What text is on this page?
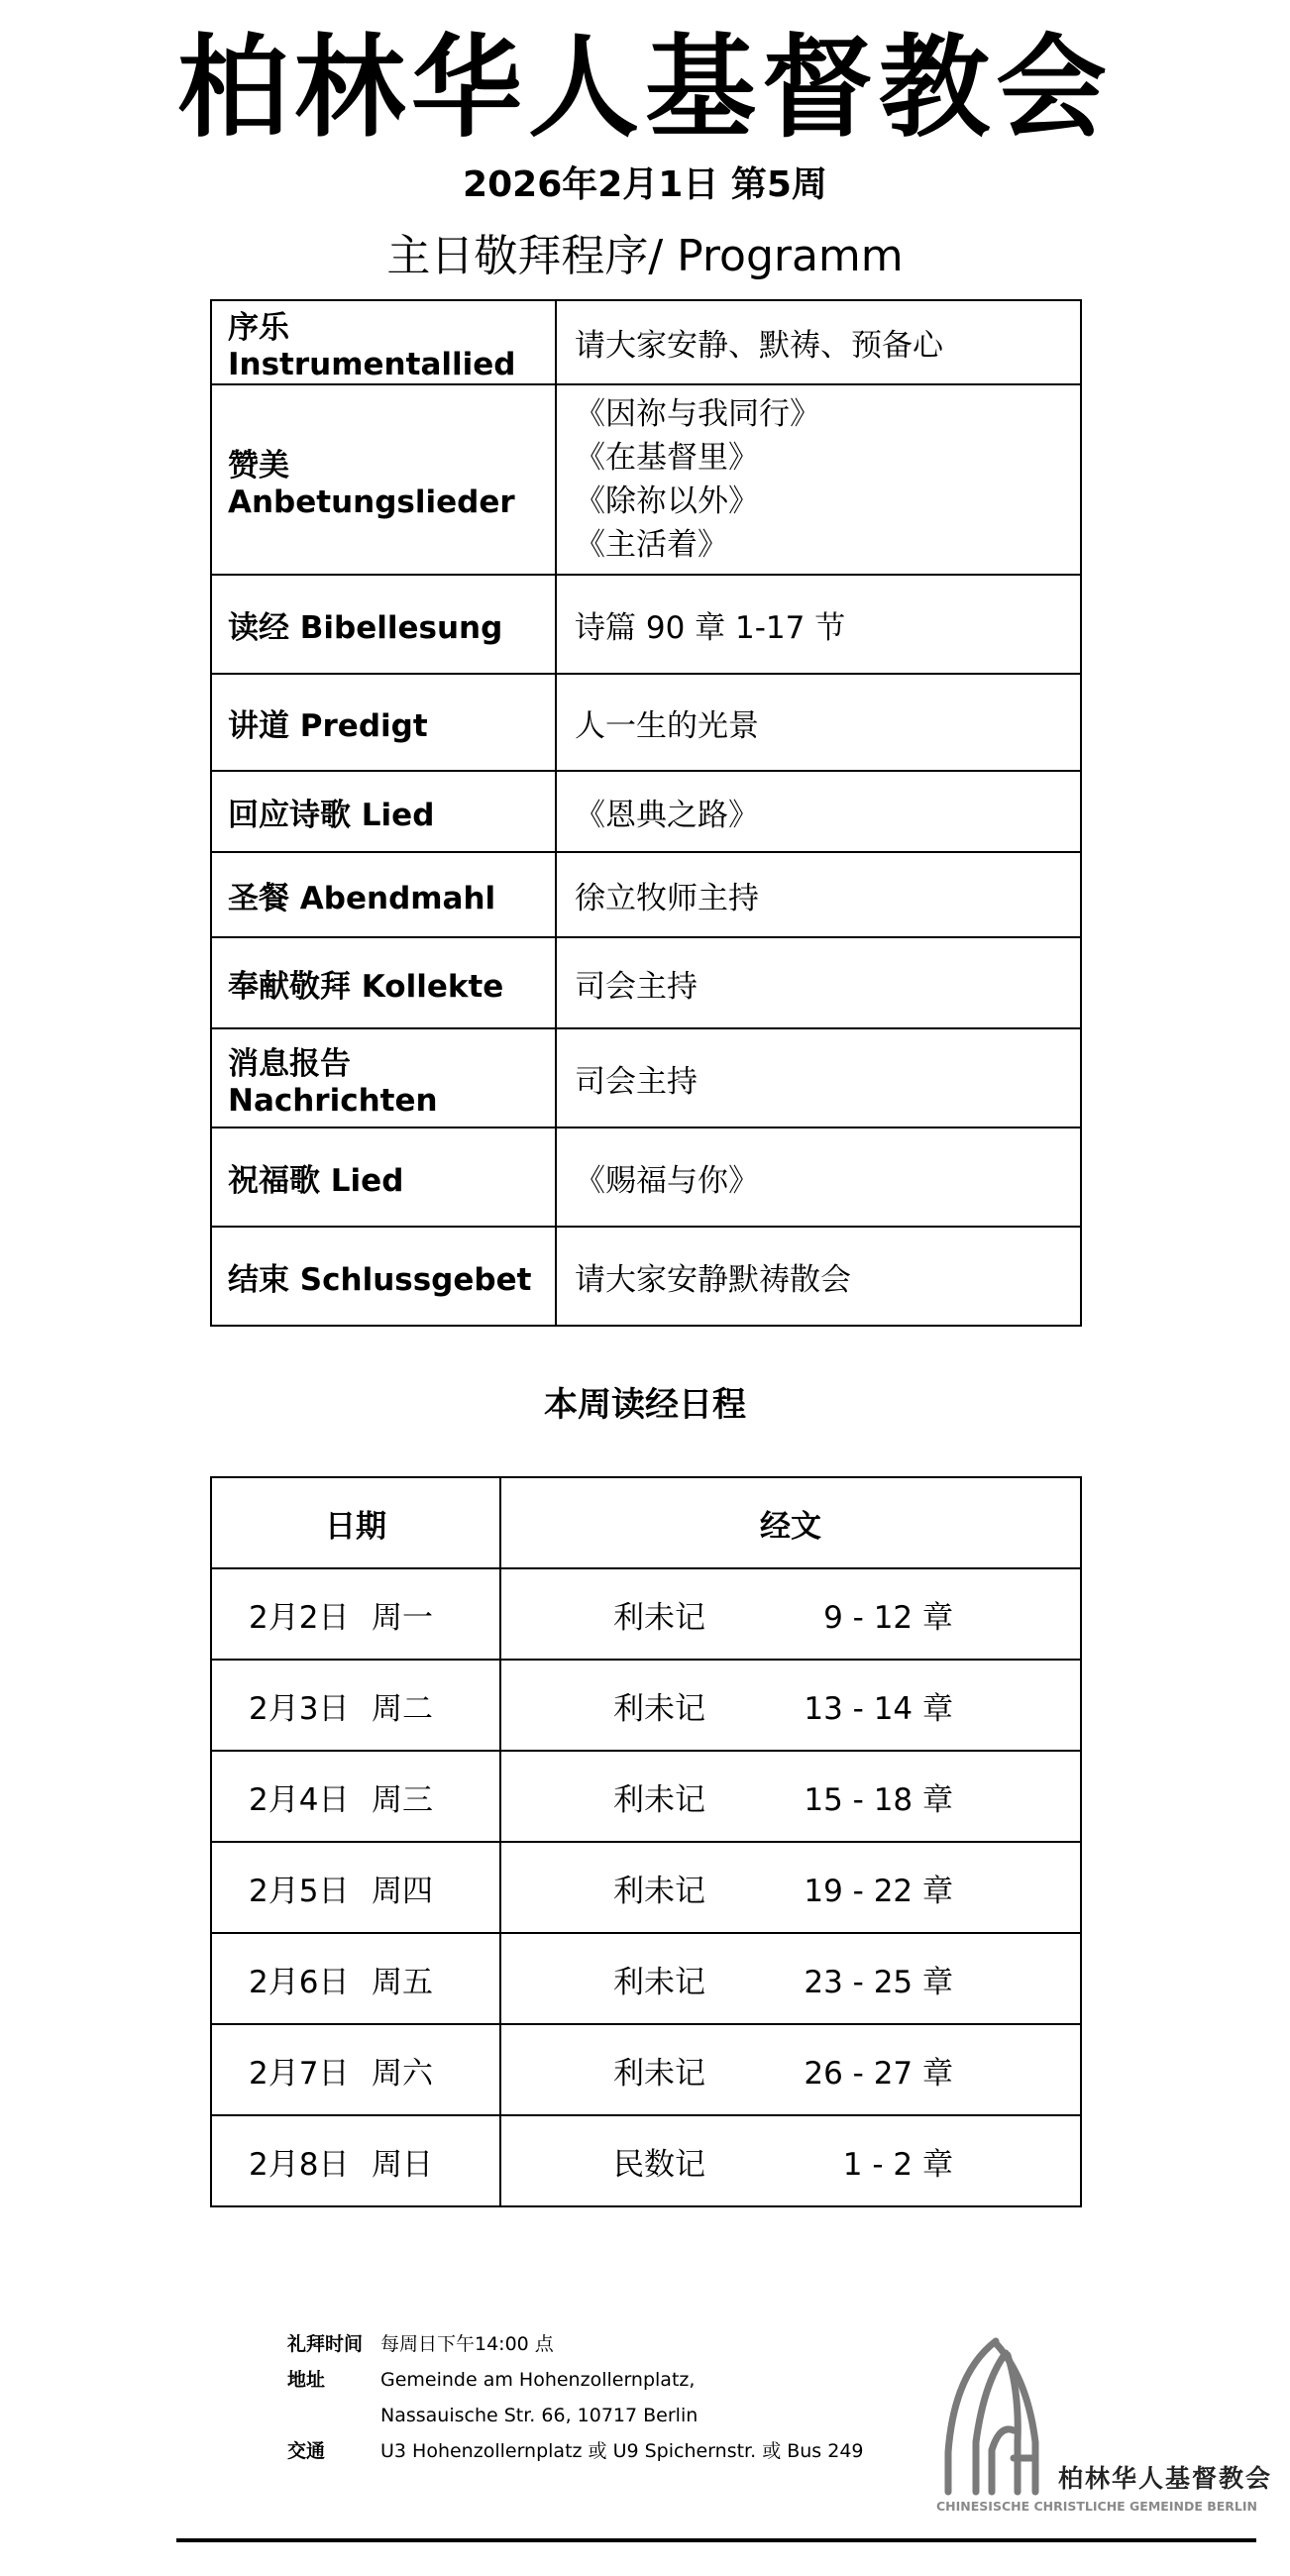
柏林华人基督教会
2026年2月1日 第5周
主日敬拜程序/ Programm
序乐 Instrumentallied	请大家安静、默祷、预备心
赞美 Anbetungslieder	《因祢与我同行》
《在基督里》
《除祢以外》
《主活着》

读经 Bibellesung	诗篇 90 章 1-17 节
讲道 Predigt	人一生的光景
回应诗歌 Lied	《恩典之路》
圣餐 Abendmahl	徐立牧师主持
奉献敬拜 Kollekte	司会主持
消息报告 Nachrichten	司会主持
祝福歌 Lied	《赐福与你》
结束 Schlussgebet	请大家安静默祷散会
本周读经日程
日期	经文
2月2日 周一	利未记 9 - 12 章
2月3日 周二	利未记 13 - 14 章
2月4日 周三	利未记 15 - 18 章
2月5日 周四	利未记 19 - 22 章
2月6日 周五	利未记 23 - 25 章
2月7日 周六	利未记 26 - 27 章
2月8日 周日	民数记 1 - 2 章
礼拜时间 每周日下午14:00 点
地址	Gemeinde am Hohenzollernplatz,
Nassauische Str. 66, 10717 Berlin
交通	U3 Hohenzollernplatz 或 U9 Spichernstr. 或 Bus 249
柏林华人基督教会
CHINESISCHE CHRISTLICHE GEMEINDE BERLIN
